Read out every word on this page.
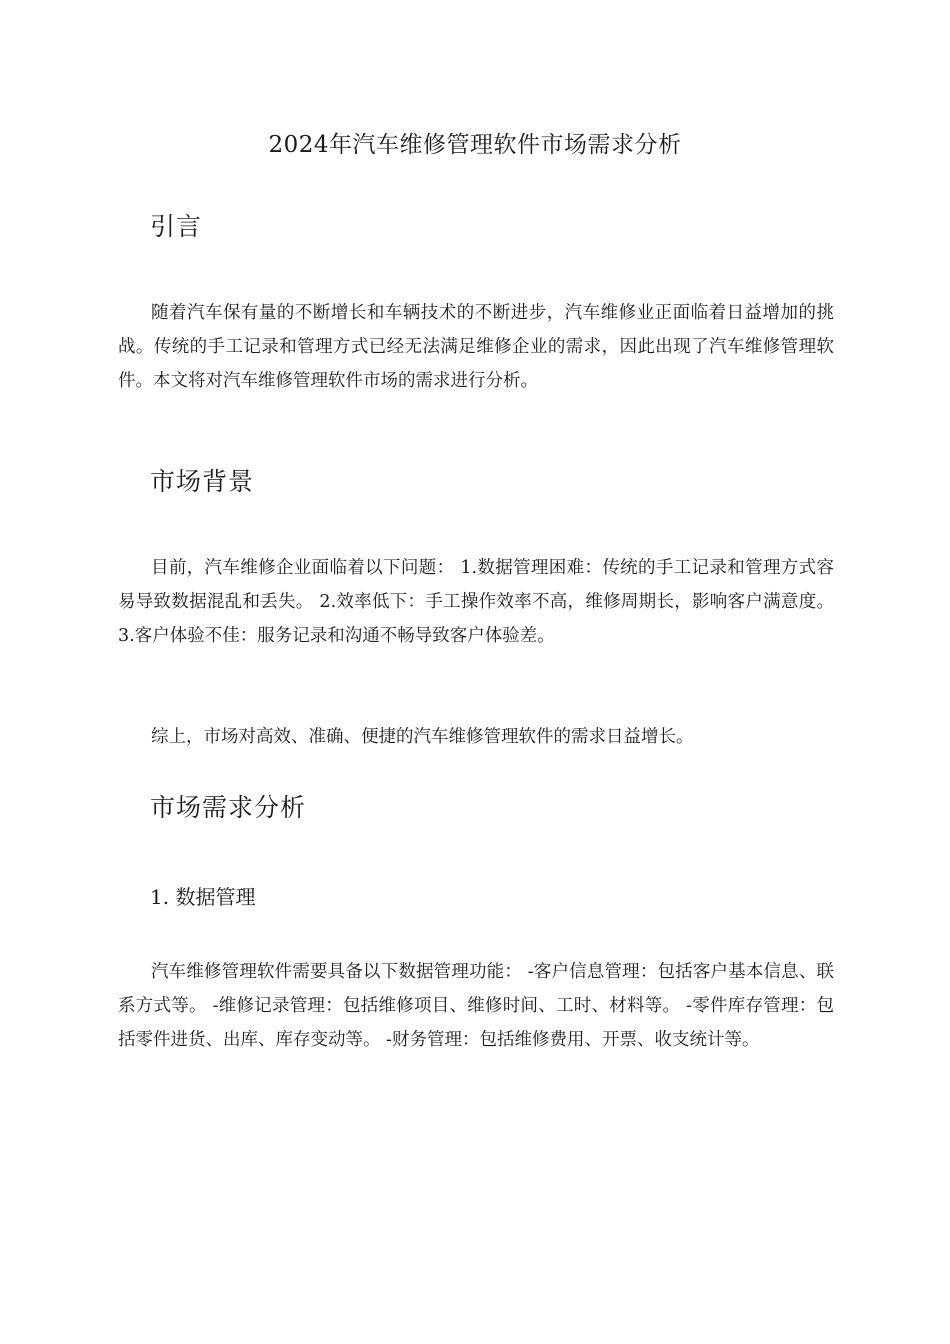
2024年汽车维修管理软件市场需求分析
引言

随着汽车保有量的不断增长和车辆技术的不断进步，汽车维修业正面临着日益增加的挑战。传统的手工记录和管理方式已经无法满足维修企业的需求，因此出现了汽车维修管理软件。本文将对汽车维修管理软件市场的需求进行分析。

市场背景

目前，汽车维修企业面临着以下问题： 1.数据管理困难：传统的手工记录和管理方式容易导致数据混乱和丢失。 2.效率低下：手工操作效率不高，维修周期长，影响客户满意度。 3.客户体验不佳：服务记录和沟通不畅导致客户体验差。

综上，市场对高效、准确、便捷的汽车维修管理软件的需求日益增长。

市场需求分析
1. 数据管理

汽车维修管理软件需要具备以下数据管理功能： -客户信息管理：包括客户基本信息、联系方式等。 -维修记录管理：包括维修项目、维修时间、工时、材料等。 -零件库存管理：包括零件进货、出库、库存变动等。 -财务管理：包括维修费用、开票、收支统计等。
